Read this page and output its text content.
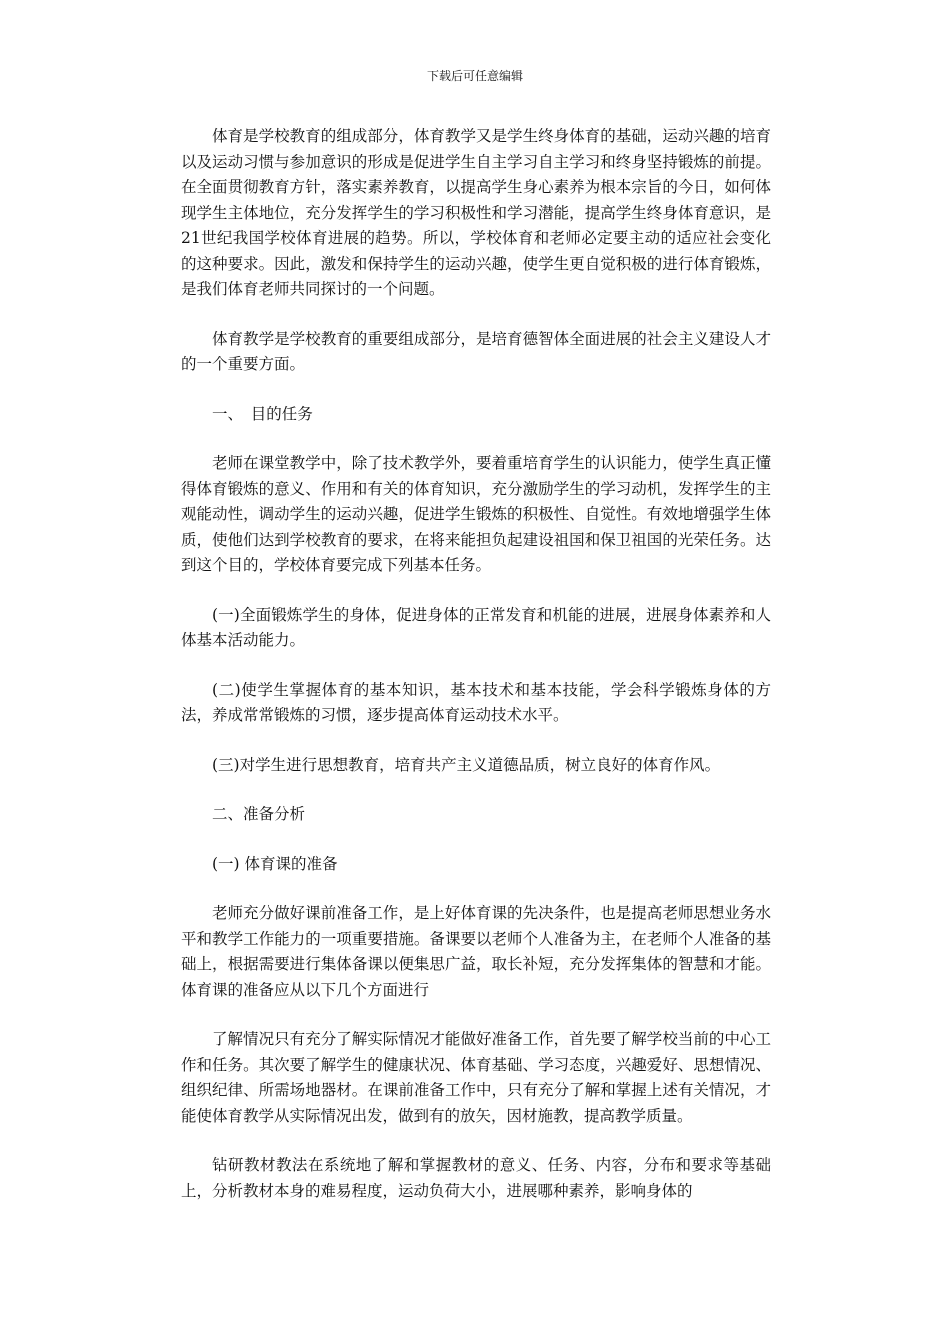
下载后可任意编辑

体育是学校教育的组成部分，体育教学又是学生终身体育的基础，运动兴趣的培育以及运动习惯与参加意识的形成是促进学生自主学习自主学习和终身坚持锻炼的前提。在全面贯彻教育方针，落实素养教育，以提高学生身心素养为根本宗旨的今日，如何体现学生主体地位，充分发挥学生的学习积极性和学习潜能，提高学生终身体育意识，是21世纪我国学校体育进展的趋势。所以，学校体育和老师必定要主动的适应社会变化的这种要求。因此，激发和保持学生的运动兴趣，使学生更自觉积极的进行体育锻炼，是我们体育老师共同探讨的一个问题。

体育教学是学校教育的重要组成部分，是培育德智体全面进展的社会主义建设人才的一个重要方面。

一、　目的任务

老师在课堂教学中，除了技术教学外，要着重培育学生的认识能力，使学生真正懂得体育锻炼的意义、作用和有关的体育知识，充分激励学生的学习动机，发挥学生的主观能动性，调动学生的运动兴趣，促进学生锻炼的积极性、自觉性。有效地增强学生体质，使他们达到学校教育的要求，在将来能担负起建设祖国和保卫祖国的光荣任务。达到这个目的，学校体育要完成下列基本任务。

(一)全面锻炼学生的身体，促进身体的正常发育和机能的进展，进展身体素养和人体基本活动能力。

(二)使学生掌握体育的基本知识，基本技术和基本技能，学会科学锻炼身体的方法，养成常常锻炼的习惯，逐步提高体育运动技术水平。

(三)对学生进行思想教育，培育共产主义道德品质，树立良好的体育作风。

二、准备分析

(一) 体育课的准备

老师充分做好课前准备工作，是上好体育课的先决条件，也是提高老师思想业务水平和教学工作能力的一项重要措施。备课要以老师个人准备为主，在老师个人准备的基础上，根据需要进行集体备课以便集思广益，取长补短，充分发挥集体的智慧和才能。体育课的准备应从以下几个方面进行

了解情况只有充分了解实际情况才能做好准备工作，首先要了解学校当前的中心工作和任务。其次要了解学生的健康状况、体育基础、学习态度，兴趣爱好、思想情况、组织纪律、所需场地器材。在课前准备工作中，只有充分了解和掌握上述有关情况，才能使体育教学从实际情况出发，做到有的放矢，因材施教，提高教学质量。

钻研教材教法在系统地了解和掌握教材的意义、任务、内容，分布和要求等基础上，分析教材本身的难易程度，运动负荷大小，进展哪种素养，影响身体的
